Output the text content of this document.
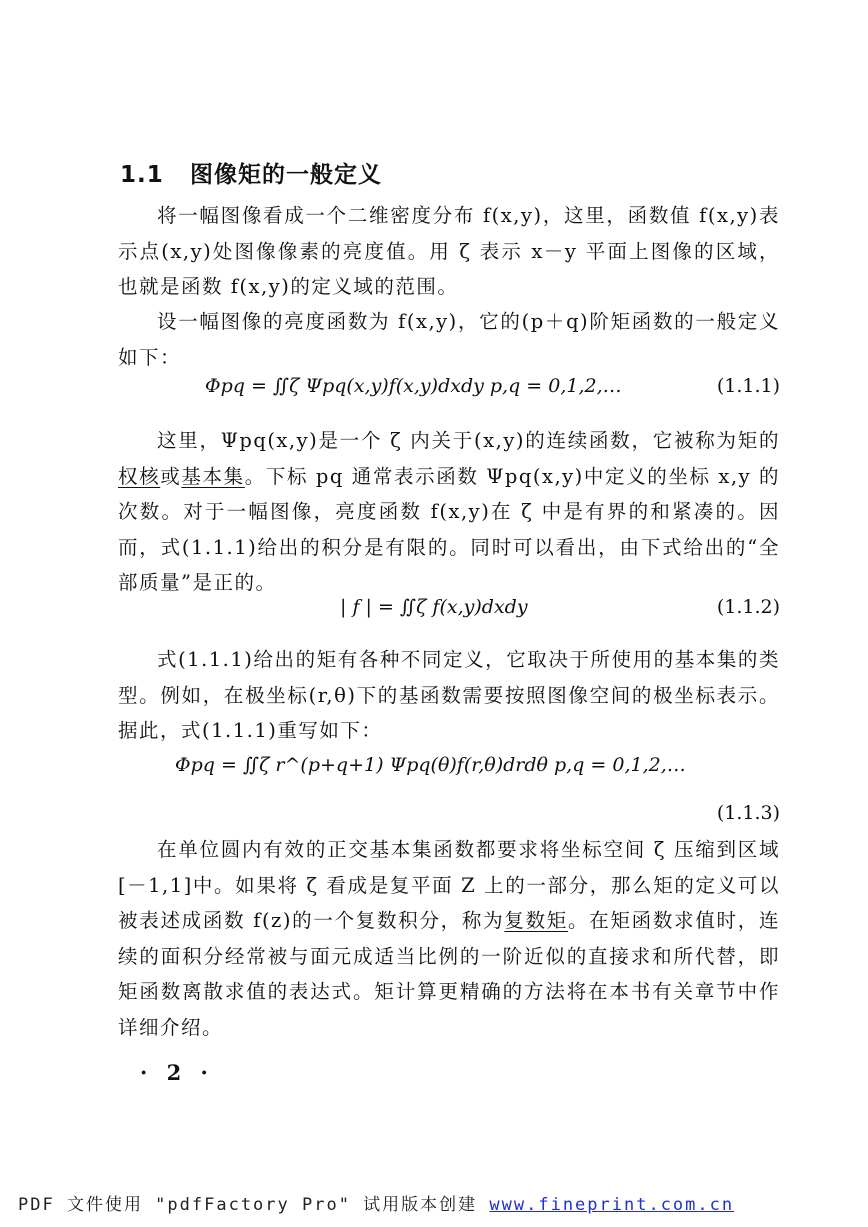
1.1 图像矩的一般定义
将一幅图像看成一个二维密度分布 f(x,y)，这里，函数值 f(x,y)表示点(x,y)处图像像素的亮度值。用 ζ 表示 x－y 平面上图像的区域，也就是函数 f(x,y)的定义域的范围。
设一幅图像的亮度函数为 f(x,y)，它的(p＋q)阶矩函数的一般定义如下：
Φpq = ∬ζ Ψpq(x,y)f(x,y)dxdy p,q = 0,1,2,…	(1.1.1)
这里，Ψpq(x,y)是一个 ζ 内关于(x,y)的连续函数，它被称为矩的权核或基本集。下标 pq 通常表示函数 Ψpq(x,y)中定义的坐标 x,y 的次数。对于一幅图像，亮度函数 f(x,y)在 ζ 中是有界的和紧凑的。因而，式(1.1.1)给出的积分是有限的。同时可以看出，由下式给出的“全部质量”是正的。
| f | = ∬ζ f(x,y)dxdy	(1.1.2)
式(1.1.1)给出的矩有各种不同定义，它取决于所使用的基本集的类型。例如，在极坐标(r,θ)下的基函数需要按照图像空间的极坐标表示。据此，式(1.1.1)重写如下：
Φpq = ∬ζ r^(p+q+1) Ψpq(θ)f(r,θ)drdθ p,q = 0,1,2,…
(1.1.3)
在单位圆内有效的正交基本集函数都要求将坐标空间 ζ 压缩到区域[－1,1]中。如果将 ζ 看成是复平面 Z 上的一部分，那么矩的定义可以被表述成函数 f(z)的一个复数积分，称为复数矩。在矩函数求值时，连续的面积分经常被与面元成适当比例的一阶近似的直接求和所代替，即矩函数离散求值的表达式。矩计算更精确的方法将在本书有关章节中作详细介绍。
· 2 ·
PDF 文件使用 "pdfFactory Pro" 试用版本创建 www.fineprint.com.cn
